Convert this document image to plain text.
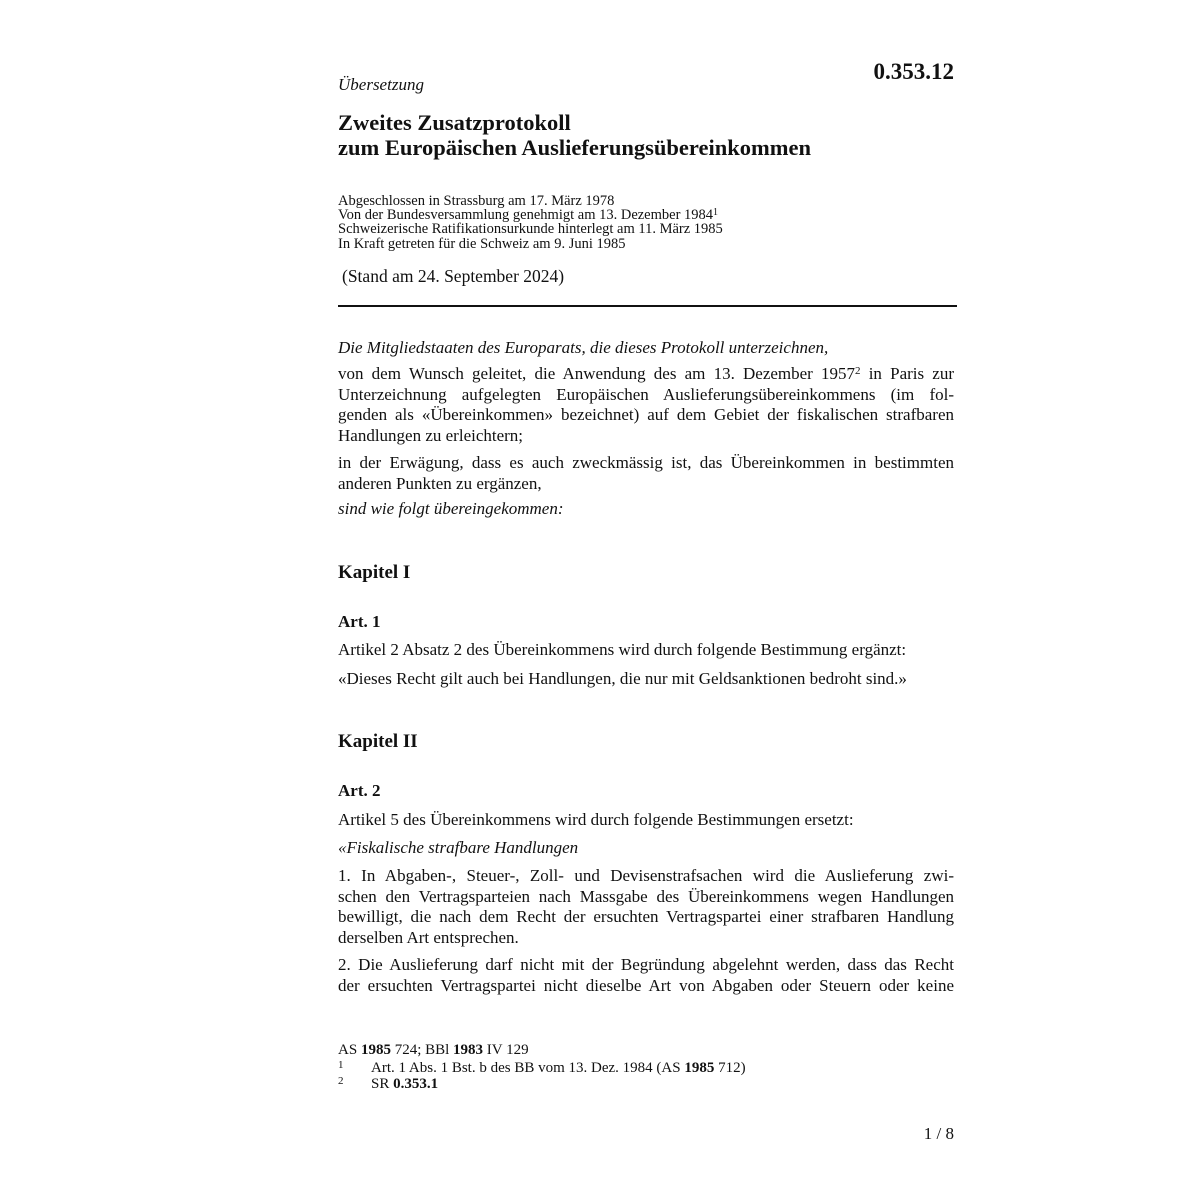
0.353.12
Übersetzung
Zweites Zusatzprotokoll
zum Europäischen Auslieferungsübereinkommen
Abgeschlossen in Strassburg am 17. März 1978
Von der Bundesversammlung genehmigt am 13. Dezember 1984$^1$
Schweizerische Ratifikationsurkunde hinterlegt am 11. März 1985
In Kraft getreten für die Schweiz am 9. Juni 1985
(Stand am 24. September 2024)
Die Mitgliedstaaten des Europarats, die dieses Protokoll unterzeichnen,
von dem Wunsch geleitet, die Anwendung des am 13. Dezember 1957$^2$ in Paris zur
Unterzeichnung aufgelegten Europäischen Auslieferungsübereinkommens (im fol-
genden als «Übereinkommen» bezeichnet) auf dem Gebiet der fiskalischen strafbaren
Handlungen zu erleichtern;
in der Erwägung, dass es auch zweckmässig ist, das Übereinkommen in bestimmten
anderen Punkten zu ergänzen,
sind wie folgt übereingekommen:
Kapitel I
Art. 1
Artikel 2 Absatz 2 des Übereinkommens wird durch folgende Bestimmung ergänzt:
«Dieses Recht gilt auch bei Handlungen, die nur mit Geldsanktionen bedroht sind.»
Kapitel II
Art. 2
Artikel 5 des Übereinkommens wird durch folgende Bestimmungen ersetzt:
«Fiskalische strafbare Handlungen
1. In Abgaben-, Steuer-, Zoll- und Devisenstrafsachen wird die Auslieferung zwi-
schen den Vertragsparteien nach Massgabe des Übereinkommens wegen Handlungen
bewilligt, die nach dem Recht der ersuchten Vertragspartei einer strafbaren Handlung
derselben Art entsprechen.
2. Die Auslieferung darf nicht mit der Begründung abgelehnt werden, dass das Recht
der ersuchten Vertragspartei nicht dieselbe Art von Abgaben oder Steuern oder keine
AS 1985 724; BBl 1983 IV 129
1 Art. 1 Abs. 1 Bst. b des BB vom 13. Dez. 1984 (AS 1985 712)
2 SR 0.353.1
1 / 8
